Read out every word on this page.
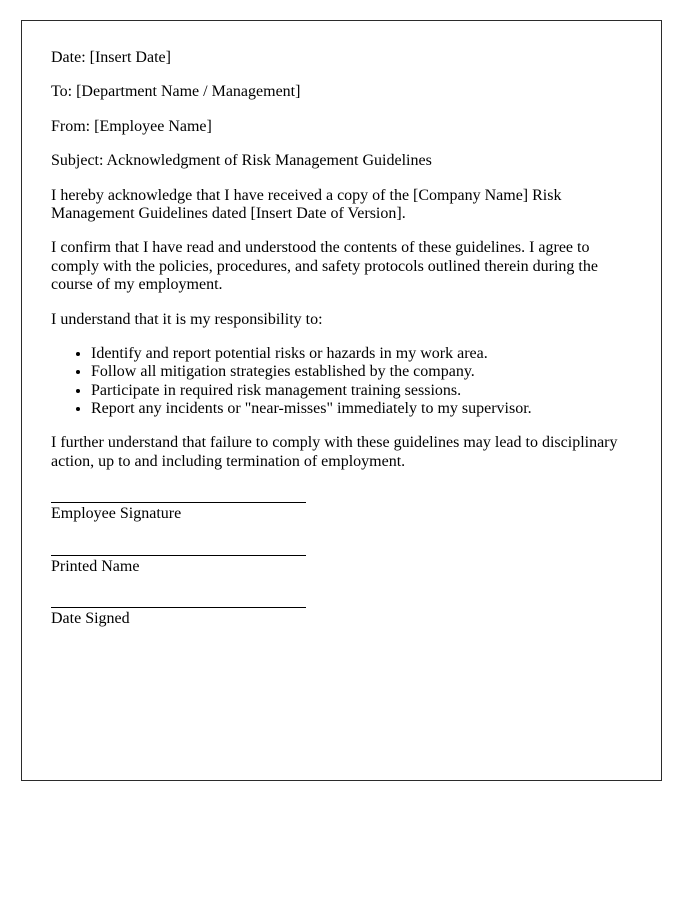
Date: [Insert Date]

To: [Department Name / Management]

From: [Employee Name]

Subject: Acknowledgment of Risk Management Guidelines

I hereby acknowledge that I have received a copy of the [Company Name] Risk Management Guidelines dated [Insert Date of Version].

I confirm that I have read and understood the contents of these guidelines. I agree to comply with the policies, procedures, and safety protocols outlined therein during the course of my employment.

I understand that it is my responsibility to:

• Identify and report potential risks or hazards in my work area.
• Follow all mitigation strategies established by the company.
• Participate in required risk management training sessions.
• Report any incidents or "near-misses" immediately to my supervisor.

I further understand that failure to comply with these guidelines may lead to disciplinary action, up to and including termination of employment.

Employee Signature
Printed Name
Date Signed
